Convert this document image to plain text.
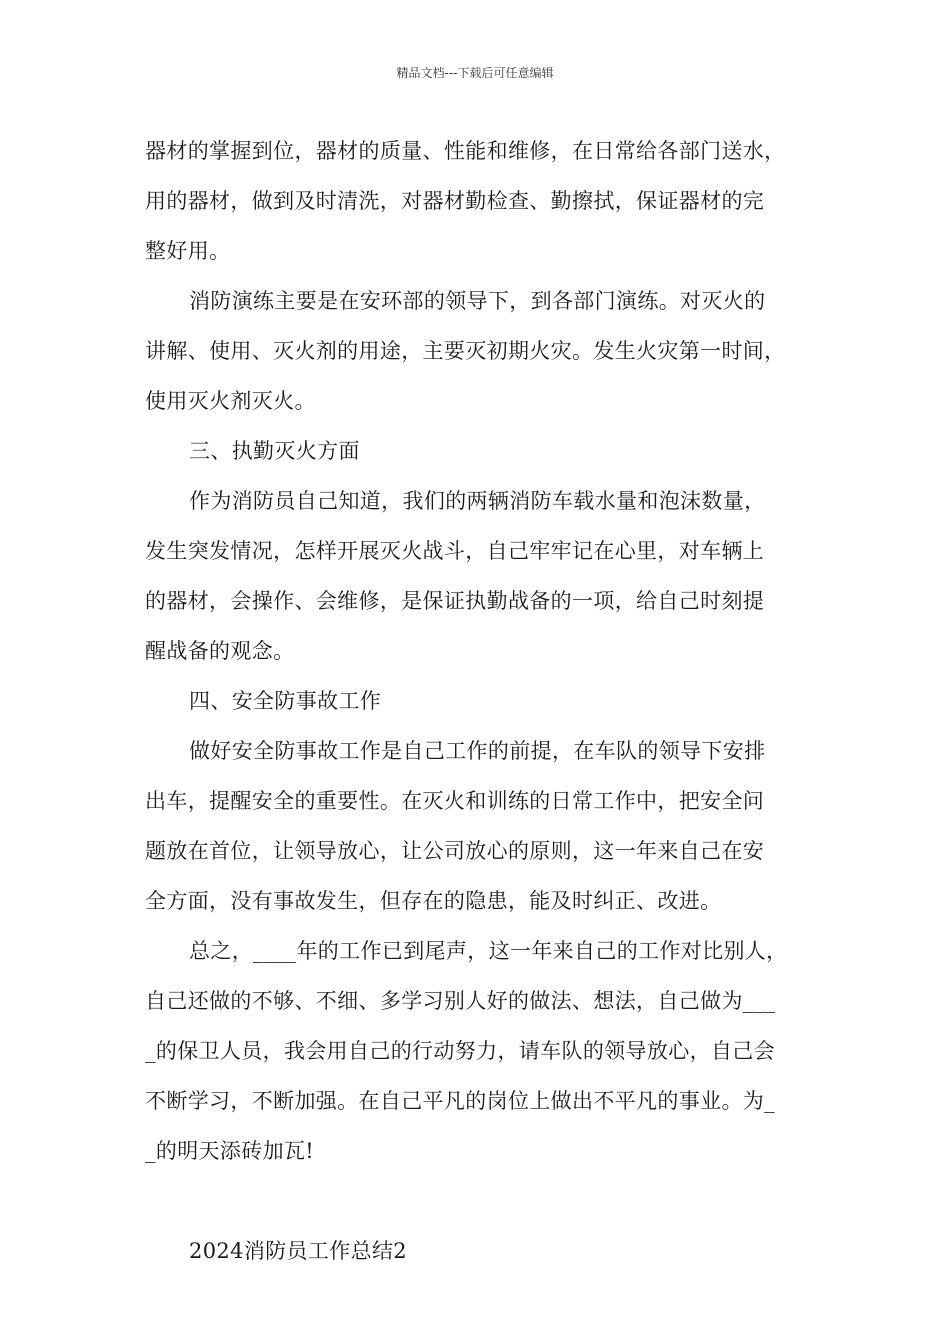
精品文档---下载后可任意编辑
器材的掌握到位，器材的质量、性能和维修，在日常给各部门送水，
用的器材，做到及时清洗，对器材勤检查、勤擦拭，保证器材的完
整好用。
消防演练主要是在安环部的领导下，到各部门演练。对灭火的
讲解、使用、灭火剂的用途，主要灭初期火灾。发生火灾第一时间，
使用灭火剂灭火。
三、执勤灭火方面
作为消防员自己知道，我们的两辆消防车载水量和泡沫数量，
发生突发情况，怎样开展灭火战斗，自己牢牢记在心里，对车辆上
的器材，会操作、会维修，是保证执勤战备的一项，给自己时刻提
醒战备的观念。
四、安全防事故工作
做好安全防事故工作是自己工作的前提，在车队的领导下安排
出车，提醒安全的重要性。在灭火和训练的日常工作中，把安全问
题放在首位，让领导放心，让公司放心的原则，这一年来自己在安
全方面，没有事故发生，但存在的隐患，能及时纠正、改进。
总之，____年的工作已到尾声，这一年来自己的工作对比别人，
自己还做的不够、不细、多学习别人好的做法、想法，自己做为___
_的保卫人员，我会用自己的行动努力，请车队的领导放心，自己会
不断学习，不断加强。在自己平凡的岗位上做出不平凡的事业。为_
_的明天添砖加瓦!
2024消防员工作总结2
